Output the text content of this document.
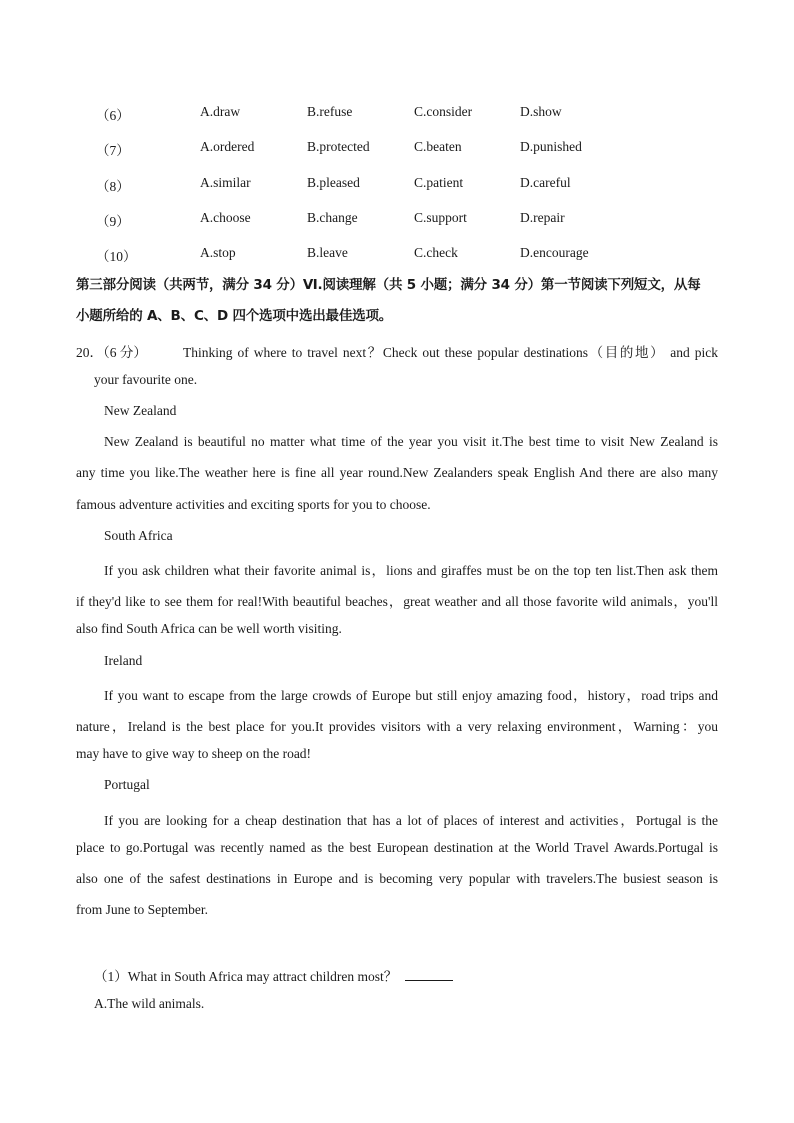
（6）	A.draw	B.refuse	C.consider	D.show
（7）	A.ordered	B.protected	C.beaten	D.punished
（8）	A.similar	B.pleased	C.patient	D.careful
（9）	A.choose	B.change	C.support	D.repair
（10）	A.stop	B.leave	C.check	D.encourage
第三部分阅读（共两节，满分 34 分）Ⅵ.阅读理解（共 5 小题；满分 34 分）第一节阅读下列短文，从每
小题所给的 A、B、C、D 四个选项中选出最佳选项。
20．（6 分）	Thinking of where to travel next？Check out these popular destinations（目的地） and pick
your favourite one.
New Zealand
New Zealand is beautiful no matter what time of the year you visit it.The best time to visit New Zealand is
any time you like.The weather here is fine all year round.New Zealanders speak English And there are also many
famous adventure activities and exciting sports for you to choose.
South Africa
If you ask children what their favorite animal is，lions and giraffes must be on the top ten list.Then ask them
if they'd like to see them for real!With beautiful beaches，great weather and all those favorite wild animals，you'll
also find South Africa can be well worth visiting.
Ireland
If you want to escape from the large crowds of Europe but still enjoy amazing food，history，road trips and
nature，Ireland is the best place for you.It provides visitors with a very relaxing environment，Warning：you
may have to give way to sheep on the road!
Portugal
If you are looking for a cheap destination that has a lot of places of interest and activities，Portugal is the
place to go.Portugal was recently named as the best European destination at the World Travel Awards.Portugal is
also one of the safest destinations in Europe and is becoming very popular with travelers.The busiest season is
from June to September.
（1）What in South Africa may attract children most？
A.The wild animals.
